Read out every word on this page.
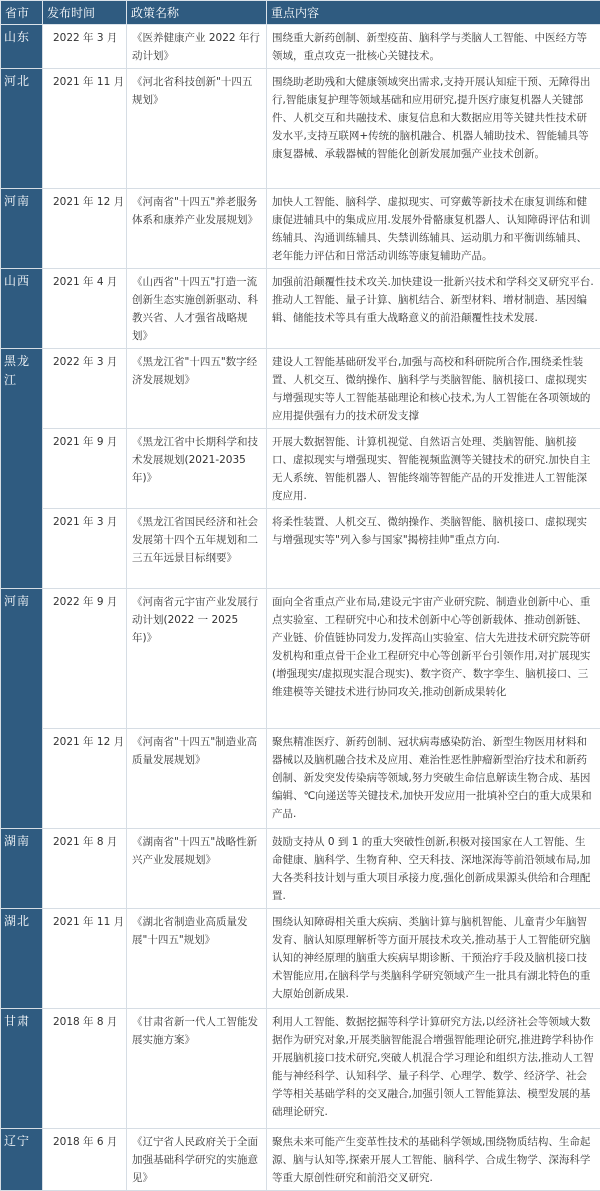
省市	发布时间	政策名称	重点内容
山东	2022 年 3 月	《医养健康产业 2022 年行动计划》	围绕重大新药创制、新型疫苗、脑科学与类脑人工智能、中医经方等领域，重点攻克一批核心关键技术。
河北	2021 年 11 月	《河北省科技创新"十四五规划》	围绕助老助残和大健康领域突出需求,支持开展认知症干预、无障得出行,智能康复护理等领域基础和应用研究,提升医疗康复机器人关键部件、人机交互和共融技术、康复信息和大数据应用等关键共性技术研发水平,支持互联网+传统的脑机融合、机器人辅助技术、智能辅具等康复器械、承载器械的智能化创新发展加强产业技术创新。
河南	2021 年 12 月	《河南省"十四五"养老服务体系和康养产业发展规划》	加快人工智能、脑科学、虚拟现实、可穿戴等新技术在康复训练和健康促进辅具中的集成应用.发展外骨骼康复机器人、认知障碍评估和训练辅具、沟通训练辅具、失禁训练辅具、运动肌力和平衡训练辅具、老年能力评估和日常活动训练等康复辅助产品。
山西	2021 年 4 月	《山西省"十四五"打造一流创新生态实施创新驱动、科教兴省、人才强省战略规划》	加强前沿颠覆性技术攻关.加快建设一批新兴技术和学科交叉研究平台.推动人工智能、量子计算、脑机结合、新型材料、增材制造、基因编辑、储能技术等具有重大战略意义的前沿颠覆性技术发展.
黑龙江	2022 年 3 月	《黑龙江省"十四五"数字经济发展规划》	建设人工智能基础研发平台,加强与高校和科研院所合作,围绕柔性装置、人机交互、微纳操作、脑科学与类脑智能、脑机接口、虚拟现实与增强现实等人工智能基础理论和核心技术,为人工智能在各项领域的应用提供强有力的技术研发支撑
	2021 年 9 月	《黑龙江省中长期科学和技术发展规划(2021-2035 年)》	开展大数据智能、计算机视觉、自然语言处理、类脑智能、脑机接口、虚拟现实与增强现实、智能视频监测等关键技术的研究.加快自主无人系统、智能机器人、智能终端等智能产品的开发推进人工智能深度应用.
	2021 年 3 月	《黑龙江省国民经济和社会发展第十四个五年规划和二三五年远景目标纲要》	将柔性装置、人机交互、微纳操作、类脑智能、脑机接口、虚拟现实与增强现实等"列入参与国家"揭榜挂帅"重点方向.
河南	2022 年 9 月	《河南省元宇宙产业发展行动计划(2022 一 2025 年)》	面向全省重点产业布局,建设元宇宙产业研究院、制造业创新中心、重点实验室、工程研究中心和技术创新中心等创新载体、推动创新链、产业链、价值链协同发力,发挥高山实验室、信大先进技术研究院等研发机构和重点骨干企业工程研究中心等创新平台引领作用,对扩展现实(增强现实/虚拟现实混合现实)、数字资产、数字孪生、脑机接口、三维建模等关键技术进行协同攻关,推动创新成果转化
	2021 年 12 月	《河南省"十四五"制造业高质量发展规划》	聚焦精准医疗、新药创制、冠状病毒感染防治、新型生物医用材料和器械以及脑机融合技术及应用、难治性恶性肿瘤新型治疗技术和新药创制、新发突发传染病等领域,努力突破生命信息解读生物合成、基因编辑、℃向递送等关键技术,加快开发应用一批填补空白的重大成果和产品.
湖南	2021 年 8 月	《湖南省"十四五"战略性新兴产业发展规划》	鼓励支持从 0 到 1 的重大突破性创新,积极对接国家在人工智能、生命健康、脑科学、生物育种、空天科技、深地深海等前沿领域布局,加大各类科技计划与重大项目承接力度,强化创新成果源头供给和合理配置.
湖北	2021 年 11 月	《湖北省制造业高质量发展"十四五"规划》	围绕认知障碍相关重大疾病、类脑计算与脑机智能、儿童青少年脑智发育、脑认知原理解析等方面开展技术攻关,推动基于人工智能研究脑认知的神经原理的脑重大疾病早期诊断、干预治疗手段及脑机接口技术智能应用,在脑科学与类脑科学研究领域产生一批具有湖北特色的重大原始创新成果.
甘肃	2018 年 8 月	《甘肃省新一代人工智能发展实施方案》	利用人工智能、数据挖掘等科学计算研究方法,以经济社会等领域大数据作为研究对象,开展类脑智能混合增强智能理论研究,推进跨学科协作开展脑机接口技术研究,突破人机混合学习理论和组织方法,推动人工智能与神经科学、认知科学、量子科学、心理学、数学、经济学、社会学等相关基础学科的交叉融合,加强引领人工智能算法、模型发展的基础理论研究.
辽宁	2018 年 6 月	《辽宁省人民政府关于全面加强基础科学研究的实施意见》	聚焦未来可能产生变革性技术的基础科学领域,围绕物质结构、生命起源、脑与认知等,探索开展人工智能、脑科学、合成生物学、深海科学等重大原创性研究和前沿交叉研究.
